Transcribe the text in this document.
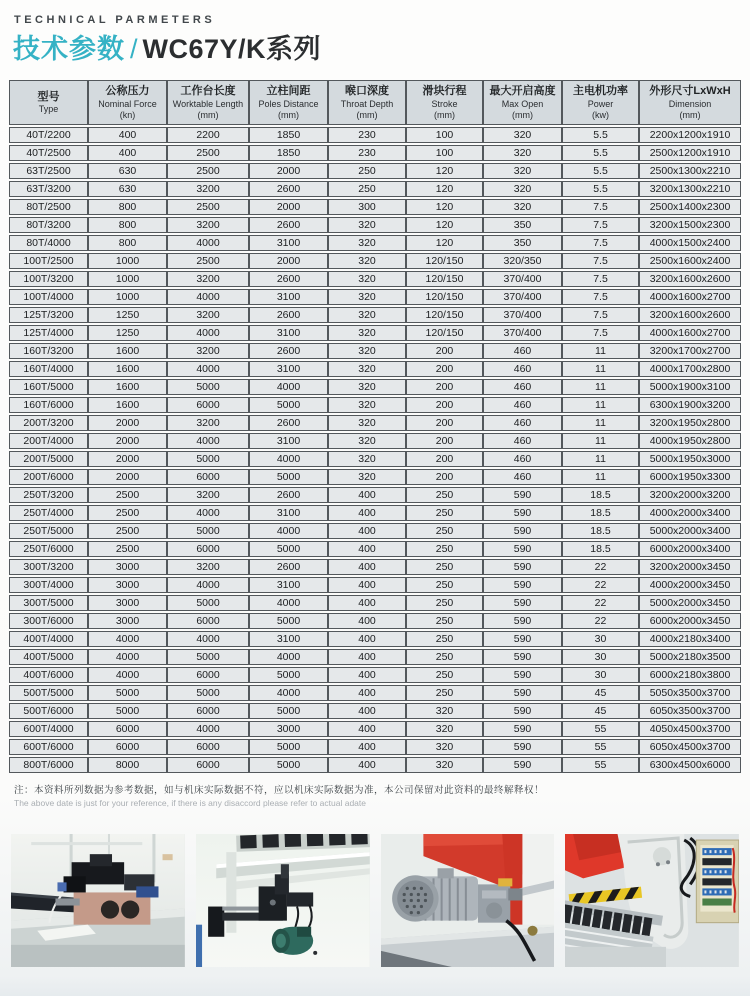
TECHNICAL PARMETERS
技术参数 / WC67Y/K系列
型号
Type

公称压力
Nominal Force
(kn)

工作台长度
Worktable Length
(mm)

立柱间距
Poles Distance
(mm)

喉口深度
Throat Depth
(mm)

滑块行程
Stroke
(mm)

最大开启高度
Max Open
(mm)

主电机功率
Power
(kw)

外形尺寸LxWxH
Dimension
(mm)

40T/2200	400	2200	1850	230	100	320	5.5	2200x1200x1910
40T/2500	400	2500	1850	230	100	320	5.5	2500x1200x1910
63T/2500	630	2500	2000	250	120	320	5.5	2500x1300x2210
63T/3200	630	3200	2600	250	120	320	5.5	3200x1300x2210
80T/2500	800	2500	2000	300	120	320	7.5	2500x1400x2300
80T/3200	800	3200	2600	320	120	350	7.5	3200x1500x2300
80T/4000	800	4000	3100	320	120	350	7.5	4000x1500x2400
100T/2500	1000	2500	2000	320	120/150	320/350	7.5	2500x1600x2400
100T/3200	1000	3200	2600	320	120/150	370/400	7.5	3200x1600x2600
100T/4000	1000	4000	3100	320	120/150	370/400	7.5	4000x1600x2700
125T/3200	1250	3200	2600	320	120/150	370/400	7.5	3200x1600x2600
125T/4000	1250	4000	3100	320	120/150	370/400	7.5	4000x1600x2700
160T/3200	1600	3200	2600	320	200	460	11	3200x1700x2700
160T/4000	1600	4000	3100	320	200	460	11	4000x1700x2800
160T/5000	1600	5000	4000	320	200	460	11	5000x1900x3100
160T/6000	1600	6000	5000	320	200	460	11	6300x1900x3200
200T/3200	2000	3200	2600	320	200	460	11	3200x1950x2800
200T/4000	2000	4000	3100	320	200	460	11	4000x1950x2800
200T/5000	2000	5000	4000	320	200	460	11	5000x1950x3000
200T/6000	2000	6000	5000	320	200	460	11	6000x1950x3300
250T/3200	2500	3200	2600	400	250	590	18.5	3200x2000x3200
250T/4000	2500	4000	3100	400	250	590	18.5	4000x2000x3400
250T/5000	2500	5000	4000	400	250	590	18.5	5000x2000x3400
250T/6000	2500	6000	5000	400	250	590	18.5	6000x2000x3400
300T/3200	3000	3200	2600	400	250	590	22	3200x2000x3450
300T/4000	3000	4000	3100	400	250	590	22	4000x2000x3450
300T/5000	3000	5000	4000	400	250	590	22	5000x2000x3450
300T/6000	3000	6000	5000	400	250	590	22	6000x2000x3450
400T/4000	4000	4000	3100	400	250	590	30	4000x2180x3400
400T/5000	4000	5000	4000	400	250	590	30	5000x2180x3500
400T/6000	4000	6000	5000	400	250	590	30	6000x2180x3800
500T/5000	5000	5000	4000	400	250	590	45	5050x3500x3700
500T/6000	5000	6000	5000	400	320	590	45	6050x3500x3700
600T/4000	6000	4000	3000	400	320	590	55	4050x4500x3700
600T/6000	6000	6000	5000	400	320	590	55	6050x4500x3700
800T/6000	8000	6000	5000	400	320	590	55	6300x4500x6000
注：本资料所列数据为参考数据，如与机床实际数据不符，应以机床实际数据为准，本公司保留对此资料的最终解释权！
The above date is just for your reference, if there is any disaccord please refer to actual adate
